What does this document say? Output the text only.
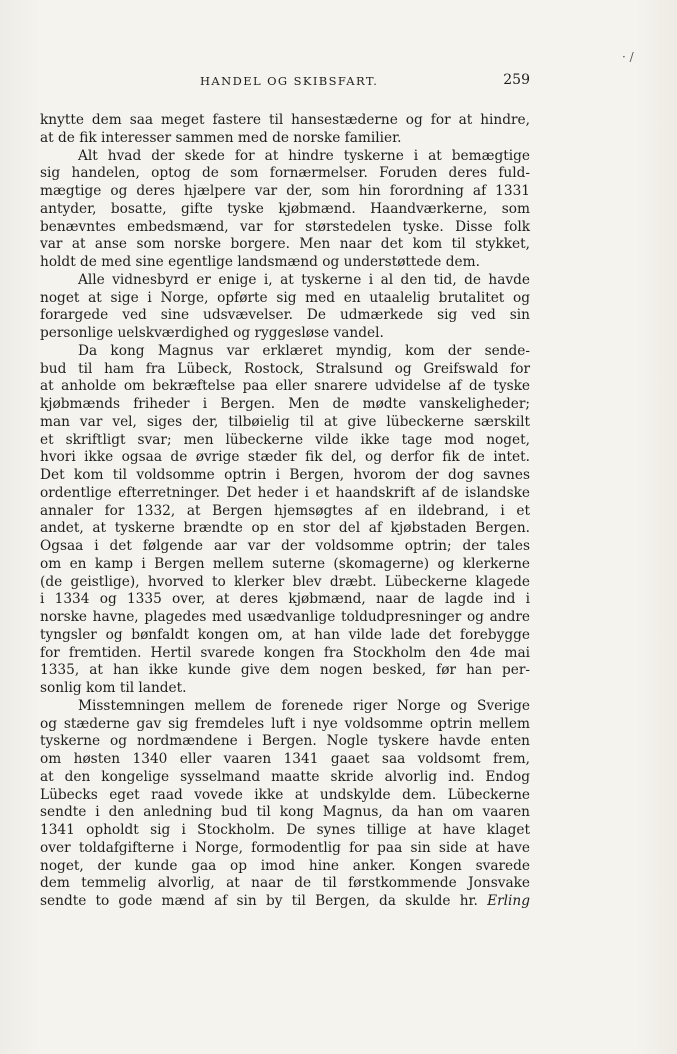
· /
HANDEL OG SKIBSFART.	259
knytte dem saa meget fastere til hansestæderne og for at hindre,
at de fik interesser sammen med de norske familier.
Alt hvad der skede for at hindre tyskerne i at bemægtige
sig handelen, optog de som fornærmelser. Foruden deres fuld-
mægtige og deres hjælpere var der, som hin forordning af 1331
antyder, bosatte, gifte tyske kjøbmænd. Haandværkerne, som
benævntes embedsmænd, var for størstedelen tyske. Disse folk
var at anse som norske borgere. Men naar det kom til stykket,
holdt de med sine egentlige landsmænd og understøttede dem.
Alle vidnesbyrd er enige i, at tyskerne i al den tid, de havde
noget at sige i Norge, opførte sig med en utaalelig brutalitet og
forargede ved sine udsvævelser. De udmærkede sig ved sin
personlige uelskværdighed og ryggesløse vandel.
Da kong Magnus var erklæret myndig, kom der sende-
bud til ham fra Lübeck, Rostock, Stralsund og Greifswald for
at anholde om bekræftelse paa eller snarere udvidelse af de tyske
kjøbmænds friheder i Bergen. Men de mødte vanskeligheder;
man var vel, siges der, tilbøielig til at give lübeckerne særskilt
et skriftligt svar; men lübeckerne vilde ikke tage mod noget,
hvori ikke ogsaa de øvrige stæder fik del, og derfor fik de intet.
Det kom til voldsomme optrin i Bergen, hvorom der dog savnes
ordentlige efterretninger. Det heder i et haandskrift af de islandske
annaler for 1332, at Bergen hjemsøgtes af en ildebrand, i et
andet, at tyskerne brændte op en stor del af kjøbstaden Bergen.
Ogsaa i det følgende aar var der voldsomme optrin; der tales
om en kamp i Bergen mellem suterne (skomagerne) og klerkerne
(de geistlige), hvorved to klerker blev dræbt. Lübeckerne klagede
i 1334 og 1335 over, at deres kjøbmænd, naar de lagde ind i
norske havne, plagedes med usædvanlige toldudpresninger og andre
tyngsler og bønfaldt kongen om, at han vilde lade det forebygge
for fremtiden. Hertil svarede kongen fra Stockholm den 4de mai
1335, at han ikke kunde give dem nogen besked, før han per-
sonlig kom til landet.
Misstemningen mellem de forenede riger Norge og Sverige
og stæderne gav sig fremdeles luft i nye voldsomme optrin mellem
tyskerne og nordmændene i Bergen. Nogle tyskere havde enten
om høsten 1340 eller vaaren 1341 gaaet saa voldsomt frem,
at den kongelige sysselmand maatte skride alvorlig ind. Endog
Lübecks eget raad vovede ikke at undskylde dem. Lübeckerne
sendte i den anledning bud til kong Magnus, da han om vaaren
1341 opholdt sig i Stockholm. De synes tillige at have klaget
over toldafgifterne i Norge, formodentlig for paa sin side at have
noget, der kunde gaa op imod hine anker. Kongen svarede
dem temmelig alvorlig, at naar de til førstkommende Jonsvake
sendte to gode mænd af sin by til Bergen, da skulde hr. Erling
